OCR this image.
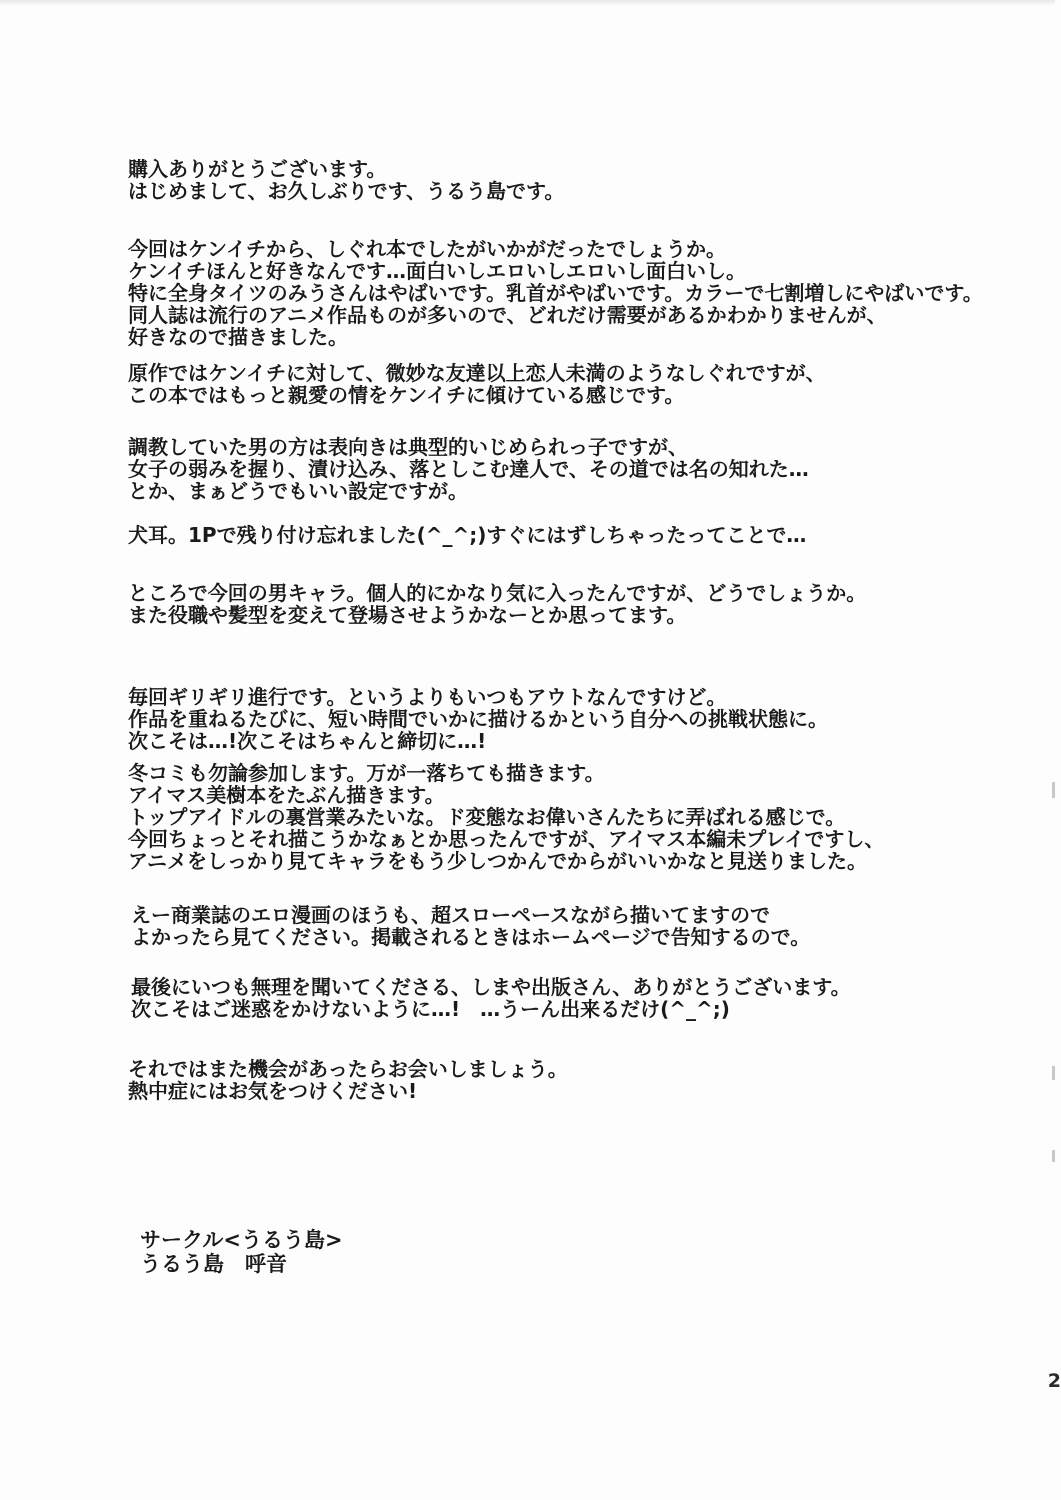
購入ありがとうございます。
はじめまして、お久しぶりです、うるう島です。
今回はケンイチから、しぐれ本でしたがいかがだったでしょうか。
ケンイチほんと好きなんです…面白いしエロいしエロいし面白いし。
特に全身タイツのみうさんはやばいです。乳首がやばいです。カラーで七割増しにやばいです。
同人誌は流行のアニメ作品ものが多いので、どれだけ需要があるかわかりませんが、
好きなので描きました。
原作ではケンイチに対して、微妙な友達以上恋人未満のようなしぐれですが、
この本ではもっと親愛の情をケンイチに傾けている感じです。
調教していた男の方は表向きは典型的いじめられっ子ですが、
女子の弱みを握り、漬け込み、落としこむ達人で、その道では名の知れた…
とか、まぁどうでもいい設定ですが。
犬耳。1Pで残り付け忘れました(^_^;)すぐにはずしちゃったってことで…
ところで今回の男キャラ。個人的にかなり気に入ったんですが、どうでしょうか。
また役職や髪型を変えて登場させようかなーとか思ってます。
毎回ギリギリ進行です。というよりもいつもアウトなんですけど。
作品を重ねるたびに、短い時間でいかに描けるかという自分への挑戦状態に。
次こそは…!次こそはちゃんと締切に…!
冬コミも勿論参加します。万が一落ちても描きます。
アイマス美樹本をたぶん描きます。
トップアイドルの裏営業みたいな。ド変態なお偉いさんたちに弄ばれる感じで。
今回ちょっとそれ描こうかなぁとか思ったんですが、アイマス本編未プレイですし、
アニメをしっかり見てキャラをもう少しつかんでからがいいかなと見送りました。
えー商業誌のエロ漫画のほうも、超スローペースながら描いてますので
よかったら見てください。掲載されるときはホームページで告知するので。
最後にいつも無理を聞いてくださる、しまや出版さん、ありがとうございます。
次こそはご迷惑をかけないように…!　…うーん出来るだけ(^_^;)
それではまた機会があったらお会いしましょう。
熱中症にはお気をつけください!
サークル<うるう島>
うるう島　呼音
2
